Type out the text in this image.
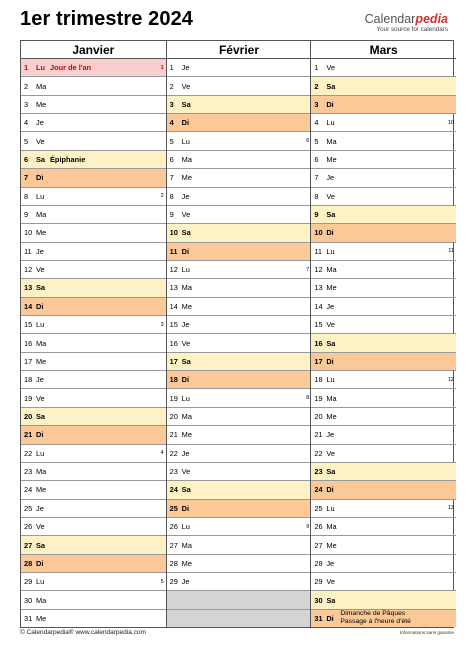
1er trimestre 2024	Calendarpedia
Your source for calendars
Janvier
1	Lu Jour de l'an	1
2	Ma
3	Me
4	Je
5	Ve
6	Sa Épiphanie
7	Di
8	Lu	2
9	Ma
10 Me
11 Je
12 Ve
13 Sa
14 Di
15 Lu	3
16 Ma
17 Me
18 Je
19 Ve
20 Sa
21 Di
22 Lu	4
23 Ma
24 Me
25 Je
26 Ve
27 Sa
28 Di
29 Lu	5
30 Ma
31 Me
Février
1	Je
2	Ve
3	Sa
4	Di
5	Lu	6
6	Ma
7	Me
8	Je
9	Ve
10 Sa
11 Di
12 Lu	7
13 Ma
14 Me
15 Je
16 Ve
17 Sa
18 Di
19 Lu	8
20 Ma
21 Me
22 Je
23 Ve
24 Sa
25 Di
26 Lu	9
27 Ma
28 Me
29 Je
Mars
1	Ve
2	Sa
3	Di
4	Lu	10
5	Ma
6	Me
7	Je
8	Ve
9	Sa
10 Di
11 Lu	11
12 Ma
13 Me
14 Je
15 Ve
16 Sa
17 Di
18 Lu	12
19 Ma
20 Me
21 Je
22 Ve
23 Sa
24 Di
25 Lu	13
26 Ma
27 Me
28 Je
29 Ve
30 Sa
31 Di Dimanche de Pâques
Passage à l'heure d'été
© Calendarpedia® www.calendarpedia.com	Informations sans garantie
